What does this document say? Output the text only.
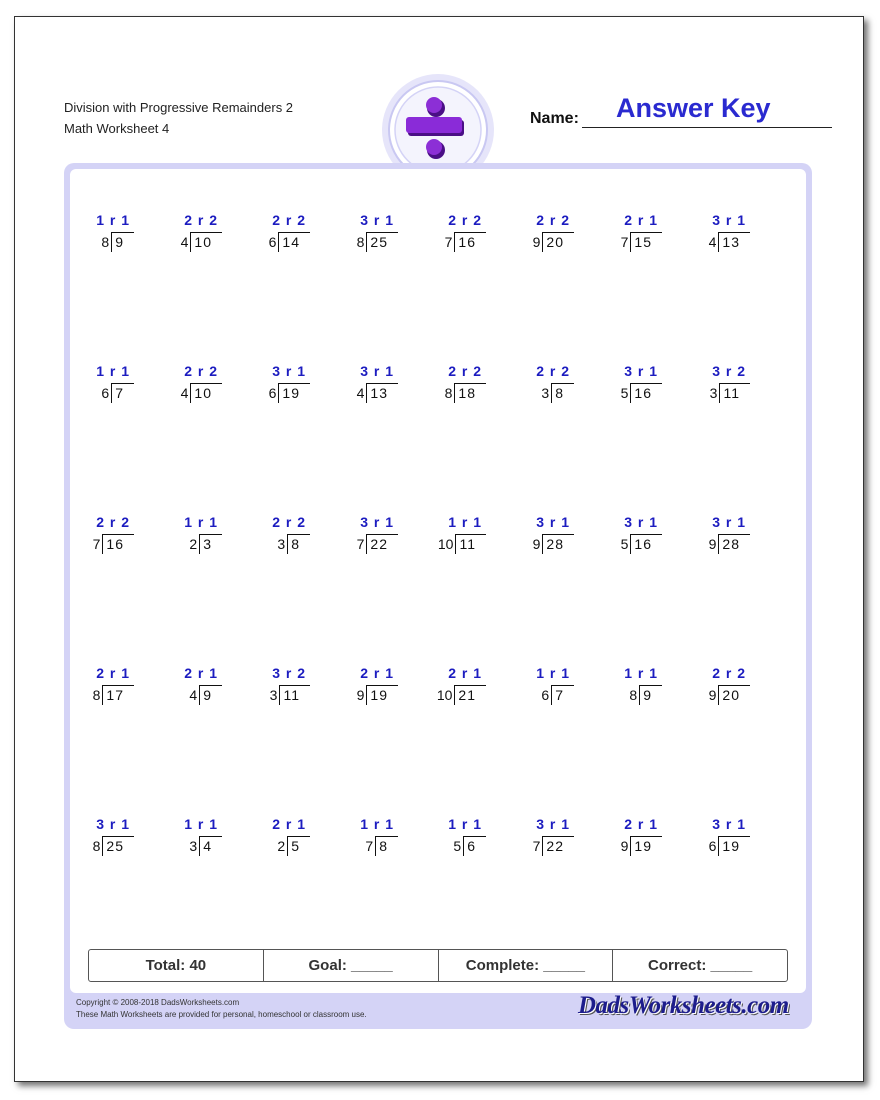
Division with Progressive Remainders 2
Math Worksheet 4
Name: Answer Key
1 r 1
8 9
2 r 2
4 10
2 r 2
6 14
3 r 1
8 25
2 r 2
7 16
2 r 2
9 20
2 r 1
7 15
3 r 1
4 13
1 r 1
6 7
2 r 2
4 10
3 r 1
6 19
3 r 1
4 13
2 r 2
8 18
2 r 2
3 8
3 r 1
5 16
3 r 2
3 11
2 r 2
7 16
1 r 1
2 3
2 r 2
3 8
3 r 1
7 22
1 r 1
10 11
3 r 1
9 28
3 r 1
5 16
3 r 1
9 28
2 r 1
8 17
2 r 1
4 9
3 r 2
3 11
2 r 1
9 19
2 r 1
10 21
1 r 1
6 7
1 r 1
8 9
2 r 2
9 20
3 r 1
8 25
1 r 1
3 4
2 r 1
2 5
1 r 1
7 8
1 r 1
5 6
3 r 1
7 22
2 r 1
9 19
3 r 1
6 19
Total: 40	Goal: _____	Complete: _____	Correct: _____
Copyright © 2008-2018 DadsWorksheets.com
These Math Worksheets are provided for personal, homeschool or classroom use.	DadsWorksheets.com
